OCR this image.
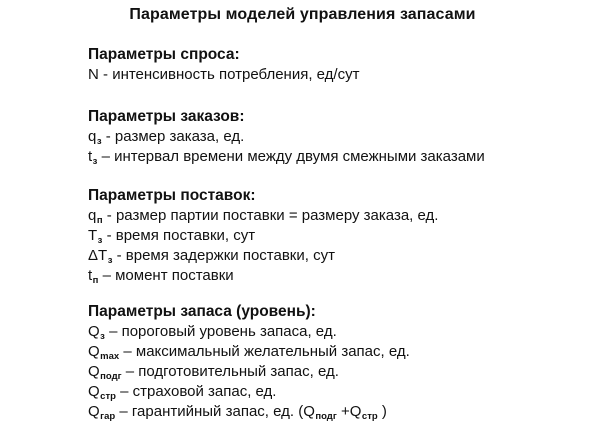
Параметры моделей управления запасами
Параметры спроса:
N - интенсивность потребления, ед/сут
Параметры заказов:
$q_з$ - размер заказа, ед.
$t_з$ – интервал времени между двумя смежными заказами
Параметры поставок:
$q_п$ - размер партии поставки = размеру заказа, ед.
$T_з$ - время поставки, сут
$\Delta T_з$ - время задержки поставки, сут
$t_п$ – момент поставки
Параметры запаса (уровень):
$Q_з$ – пороговый уровень запаса, ед.
$Q_{max}$ – максимальный желательный запас, ед.
$Q_{подг}$ – подготовительный запас, ед.
$Q_{стр}$ – страховой запас, ед.
$Q_{гар}$ – гарантийный запас, ед. ($Q_{подг} +Q_{стр}$ )
